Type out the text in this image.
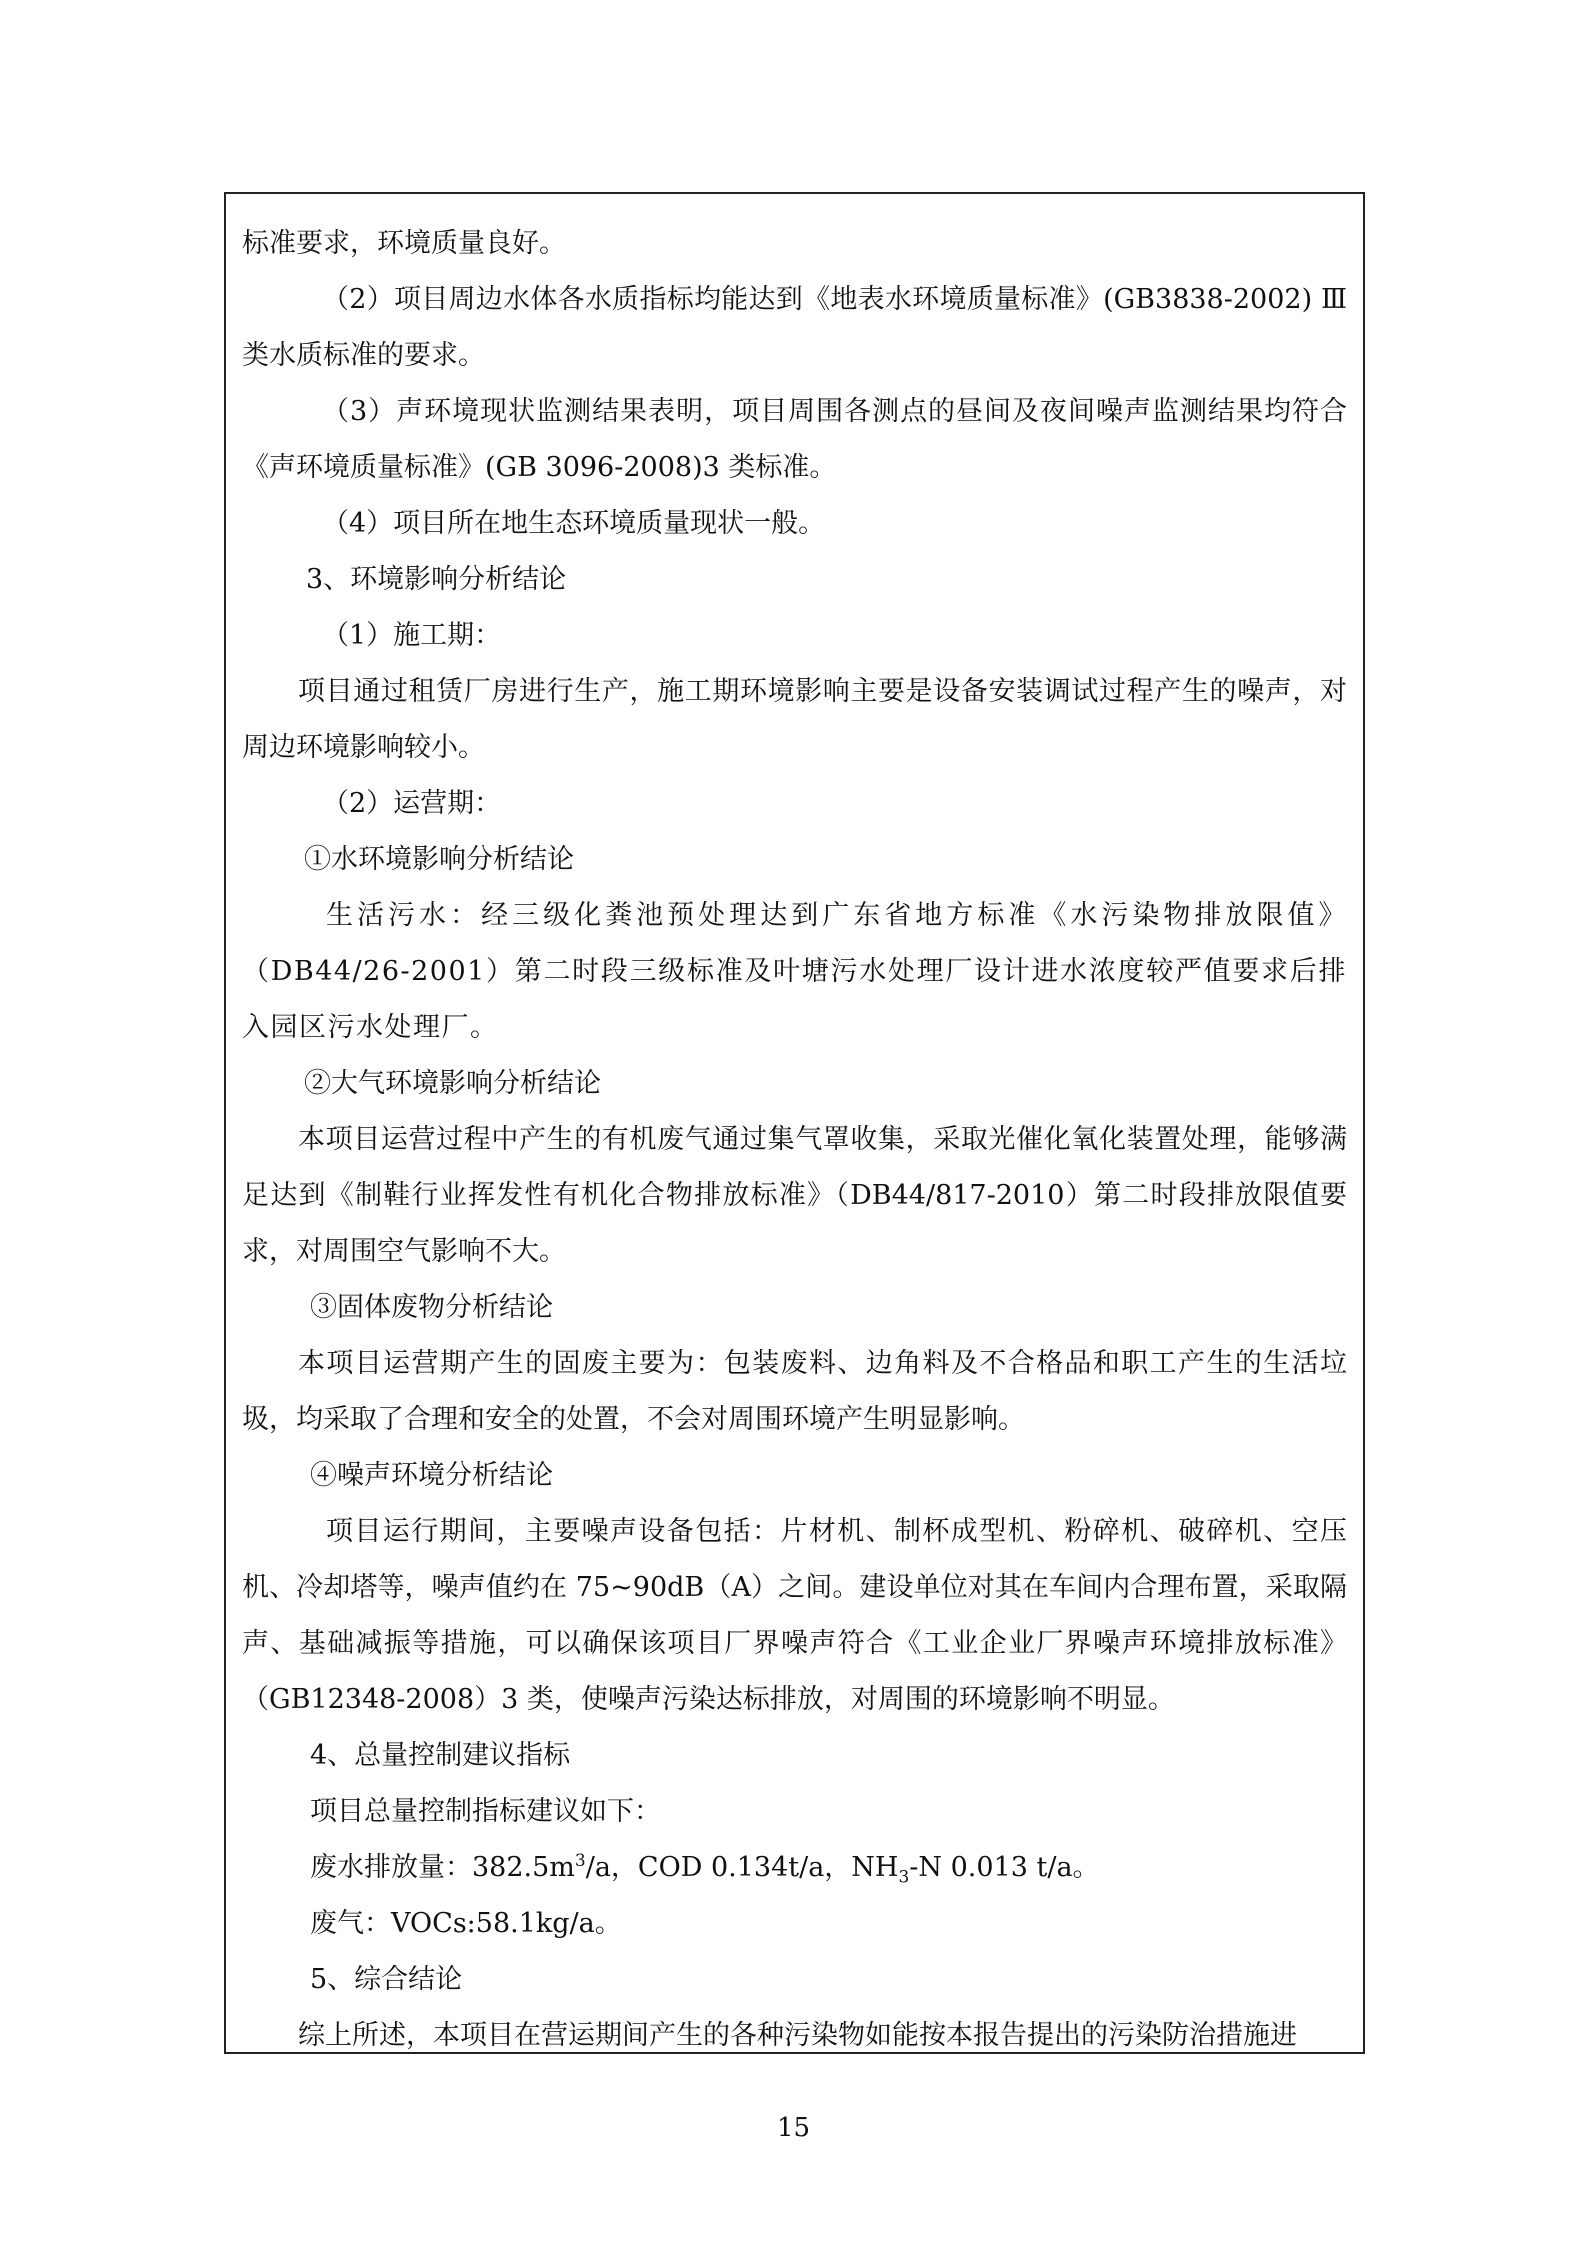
标准要求，环境质量良好。

（2）项目周边水体各水质指标均能达到《地表水环境质量标准》(GB3838-2002) Ⅲ类水质标准的要求。

（3）声环境现状监测结果表明，项目周围各测点的昼间及夜间噪声监测结果均符合《声环境质量标准》(GB 3096-2008)3 类标准。

（4）项目所在地生态环境质量现状一般。
3、环境影响分析结论
（1）施工期：

项目通过租赁厂房进行生产，施工期环境影响主要是设备安装调试过程产生的噪声，对周边环境影响较小。

（2）运营期：
①水环境影响分析结论

生活污水：经三级化粪池预处理达到广东省地方标准《水污染物排放限值》（DB44/26-2001）第二时段三级标准及叶塘污水处理厂设计进水浓度较严值要求后排入园区污水处理厂。

②大气环境影响分析结论

本项目运营过程中产生的有机废气通过集气罩收集，采取光催化氧化装置处理，能够满足达到《制鞋行业挥发性有机化合物排放标准》（DB44/817-2010）第二时段排放限值要求，对周围空气影响不大。

③固体废物分析结论

本项目运营期产生的固废主要为：包装废料、边角料及不合格品和职工产生的生活垃圾，均采取了合理和安全的处置，不会对周围环境产生明显影响。

④噪声环境分析结论

项目运行期间，主要噪声设备包括：片材机、制杯成型机、粉碎机、破碎机、空压机、冷却塔等，噪声值约在 75~90dB（A）之间。建设单位对其在车间内合理布置，采取隔声、基础减振等措施，可以确保该项目厂界噪声符合《工业企业厂界噪声环境排放标准》（GB12348-2008）3 类，使噪声污染达标排放，对周围的环境影响不明显。

4、总量控制建议指标
项目总量控制指标建议如下：
废水排放量：$382.5m^3/a$，COD 0.134t/a，$NH_3-N$ 0.013 t/a。
废气：VOCs:58.1kg/a。
5、综合结论
综上所述，本项目在营运期间产生的各种污染物如能按本报告提出的污染防治措施进
15
